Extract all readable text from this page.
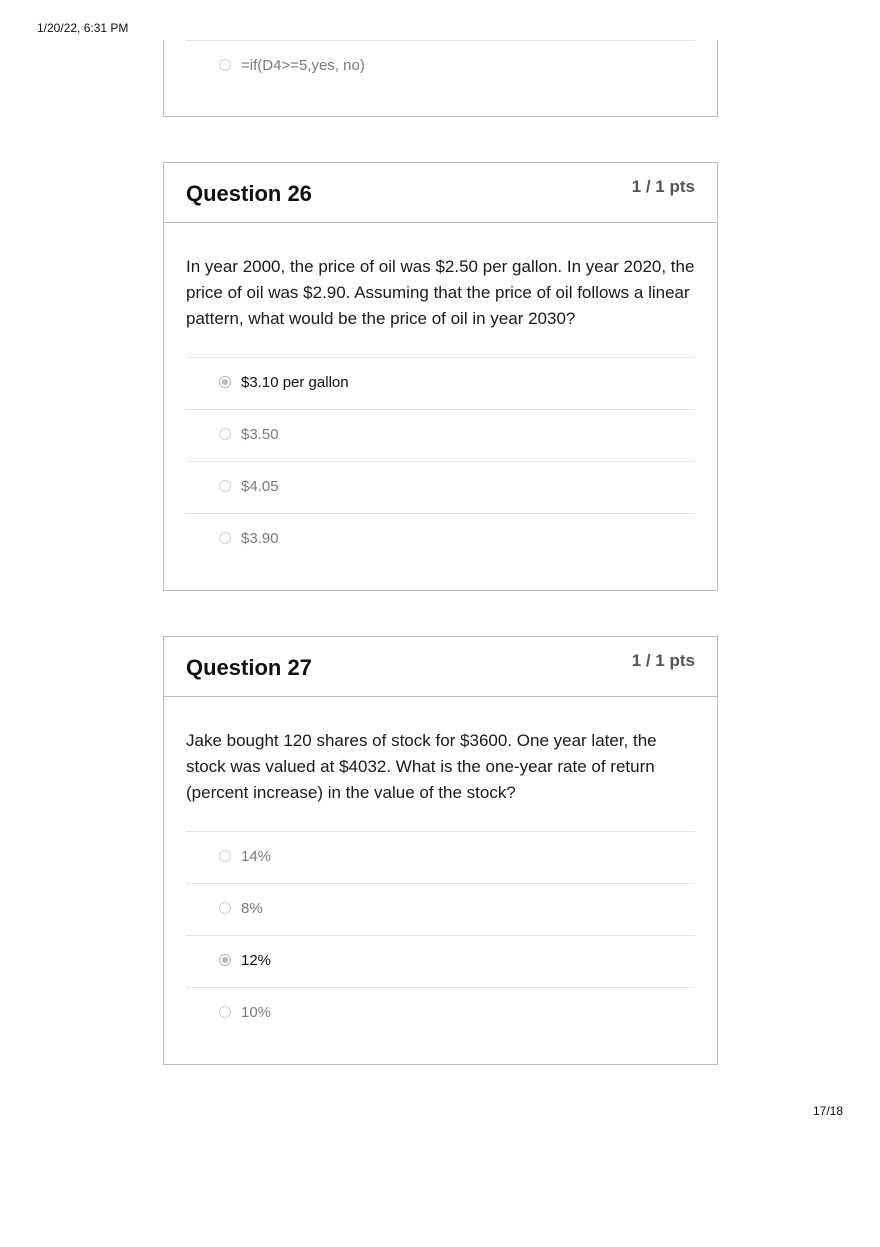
1/20/22, 6:31 PM
=if(D4>=5,yes, no)
Question 26	1 / 1 pts
In year 2000, the price of oil was $2.50 per gallon. In year 2020, the price of oil was $2.90. Assuming that the price of oil follows a linear pattern, what would be the price of oil in year 2030?
$3.10 per gallon
$3.50
$4.05
$3.90
Question 27	1 / 1 pts
Jake bought 120 shares of stock for $3600. One year later, the stock was valued at $4032. What is the one-year rate of return (percent increase) in the value of the stock?
14%
8%
12%
10%
17/18
